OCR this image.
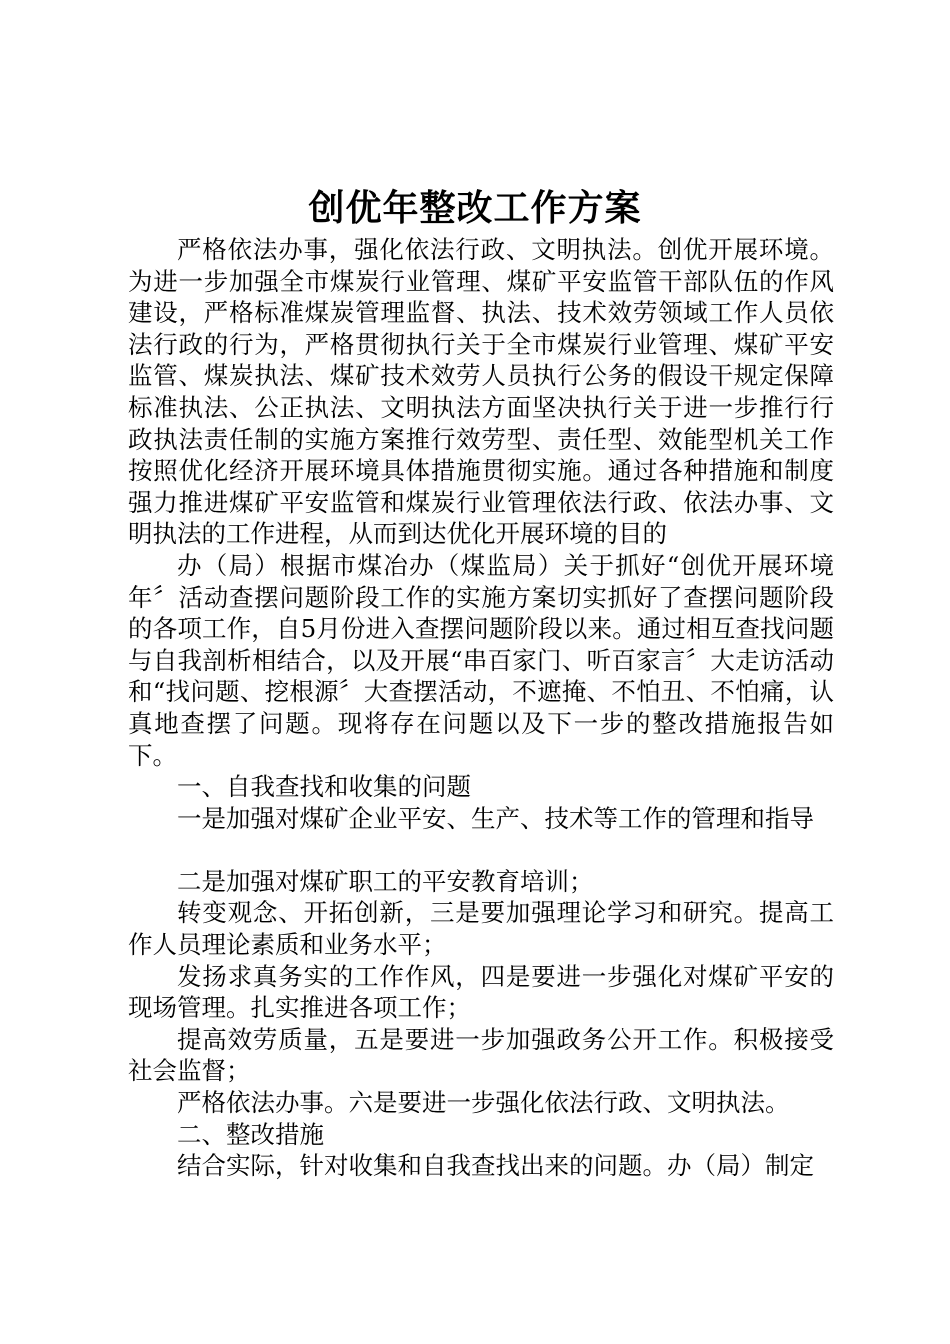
创优年整改工作方案

严格依法办事，强化依法行政、文明执法。创优开展环境。为进一步加强全市煤炭行业管理、煤矿平安监管干部队伍的作风建设，严格标准煤炭管理监督、执法、技术效劳领域工作人员依法行政的行为，严格贯彻执行关于全市煤炭行业管理、煤矿平安监管、煤炭执法、煤矿技术效劳人员执行公务的假设干规定保障标准执法、公正执法、文明执法方面坚决执行关于进一步推行行政执法责任制的实施方案推行效劳型、责任型、效能型机关工作按照优化经济开展环境具体措施贯彻实施。通过各种措施和制度强力推进煤矿平安监管和煤炭行业管理依法行政、依法办事、文明执法的工作进程，从而到达优化开展环境的目的

办（局）根据市煤冶办（煤监局）关于抓好“创优开展环境年〞活动查摆问题阶段工作的实施方案切实抓好了查摆问题阶段的各项工作，自5月份进入查摆问题阶段以来。通过相互查找问题与自我剖析相结合，以及开展“串百家门、听百家言〞大走访活动和“找问题、挖根源〞大查摆活动，不遮掩、不怕丑、不怕痛，认真地查摆了问题。现将存在问题以及下一步的整改措施报告如下。

一、自我查找和收集的问题

一是加强对煤矿企业平安、生产、技术等工作的管理和指导

二是加强对煤矿职工的平安教育培训；

转变观念、开拓创新，三是要加强理论学习和研究。提高工作人员理论素质和业务水平；

发扬求真务实的工作作风，四是要进一步强化对煤矿平安的现场管理。扎实推进各项工作；

提高效劳质量，五是要进一步加强政务公开工作。积极接受社会监督；

严格依法办事。六是要进一步强化依法行政、文明执法。

二、整改措施

结合实际，针对收集和自我查找出来的问题。办（局）制定
